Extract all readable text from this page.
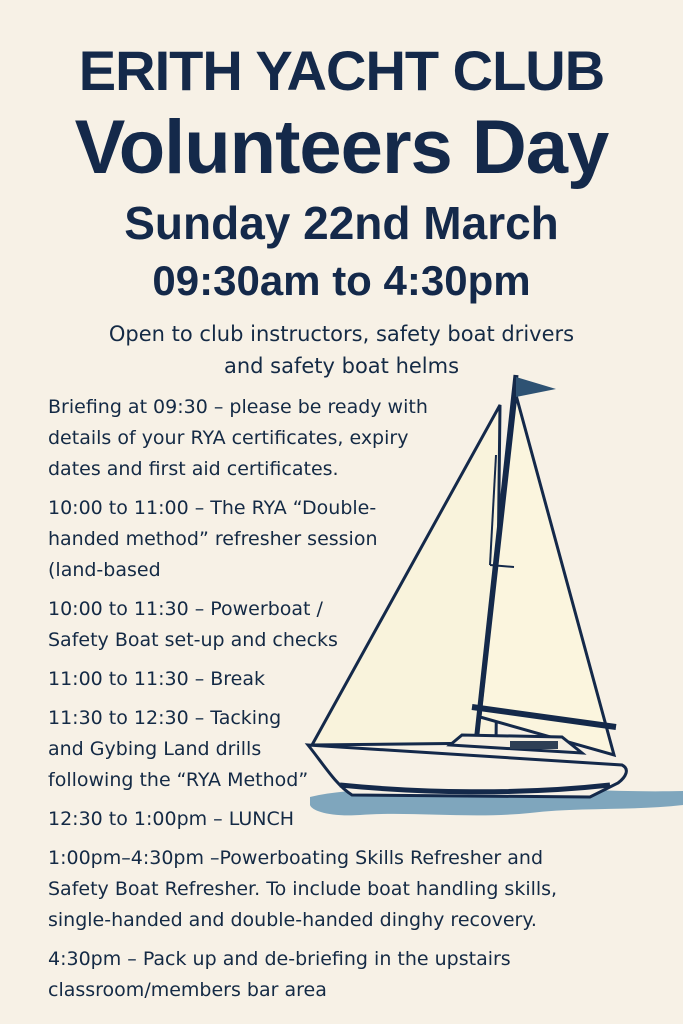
ERITH YACHT CLUB
Volunteers Day
Sunday 22nd March
09:30am to 4:30pm
Open to club instructors, safety boat drivers
and safety boat helms
Briefing at 09:30 – please be ready with
details of your RYA certificates, expiry
dates and first aid certificates.
10:00 to 11:00 – The RYA “Double-
handed method” refresher session
(land-based
10:00 to 11:30 – Powerboat /
Safety Boat set-up and checks
11:00 to 11:30 – Break
11:30 to 12:30 – Tacking
and Gybing Land drills
following the “RYA Method”
12:30 to 1:00pm – LUNCH
1:00pm–4:30pm –Powerboating Skills Refresher and
Safety Boat Refresher. To include boat handling skills,
single-handed and double-handed dinghy recovery.
4:30pm – Pack up and de-briefing in the upstairs
classroom/members bar area
